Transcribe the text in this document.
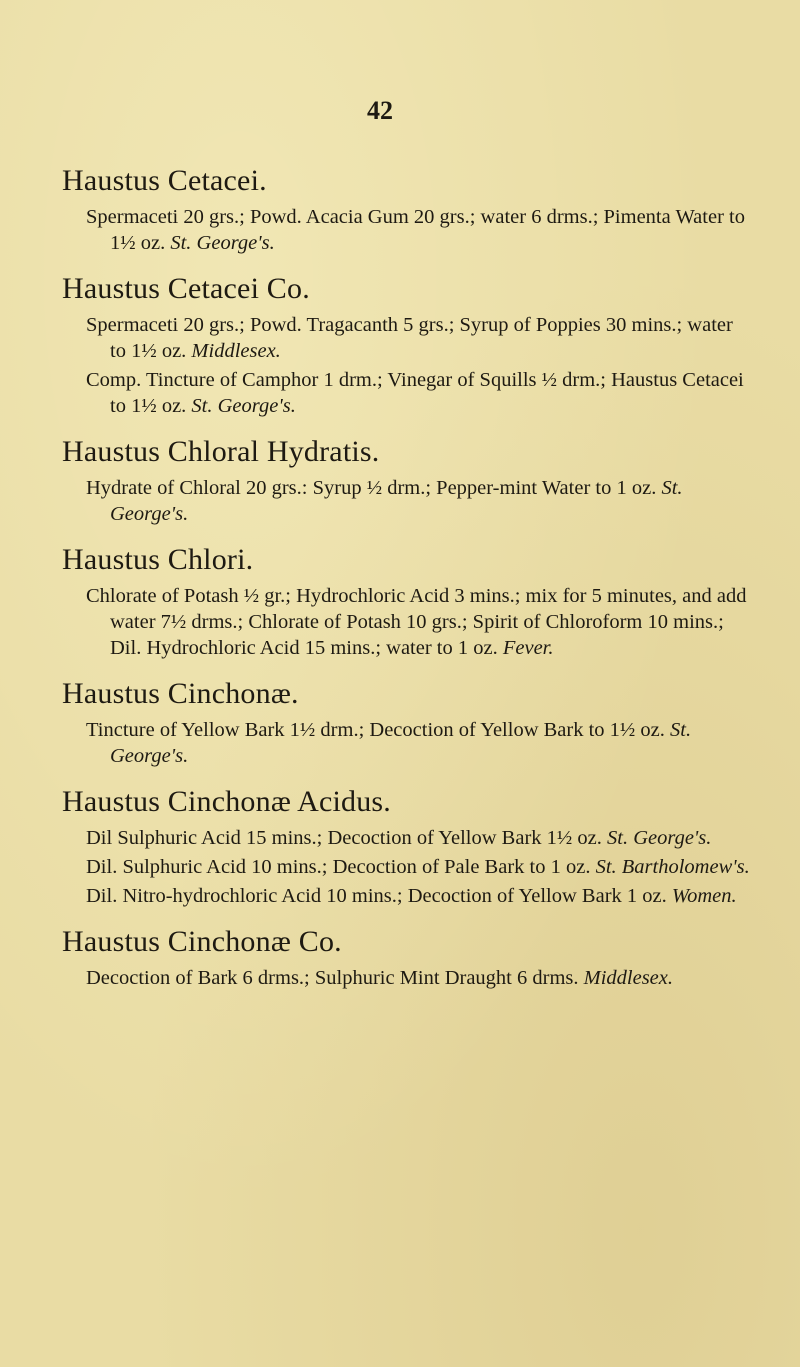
42
Haustus Cetacei.

Spermaceti 20 grs.; Powd. Acacia Gum 20 grs.; water 6 drms.; Pimenta Water to 1½ oz. St. George's.

Haustus Cetacei Co.

Spermaceti 20 grs.; Powd. Tragacanth 5 grs.; Syrup of Poppies 30 mins.; water to 1½ oz. Middlesex.

Comp. Tincture of Camphor 1 drm.; Vinegar of Squills ½ drm.; Haustus Cetacei to 1½ oz. St. George's.

Haustus Chloral Hydratis.

Hydrate of Chloral 20 grs.: Syrup ½ drm.; Pepper-mint Water to 1 oz. St. George's.

Haustus Chlori.

Chlorate of Potash ½ gr.; Hydrochloric Acid 3 mins.; mix for 5 minutes, and add water 7½ drms.; Chlorate of Potash 10 grs.; Spirit of Chloroform 10 mins.; Dil. Hydrochloric Acid 15 mins.; water to 1 oz. Fever.

Haustus Cinchonæ.

Tincture of Yellow Bark 1½ drm.; Decoction of Yellow Bark to 1½ oz. St. George's.

Haustus Cinchonæ Acidus.

Dil Sulphuric Acid 15 mins.; Decoction of Yellow Bark 1½ oz. St. George's.

Dil. Sulphuric Acid 10 mins.; Decoction of Pale Bark to 1 oz. St. Bartholomew's.

Dil. Nitro-hydrochloric Acid 10 mins.; Decoction of Yellow Bark 1 oz. Women.

Haustus Cinchonæ Co.

Decoction of Bark 6 drms.; Sulphuric Mint Draught 6 drms. Middlesex.
